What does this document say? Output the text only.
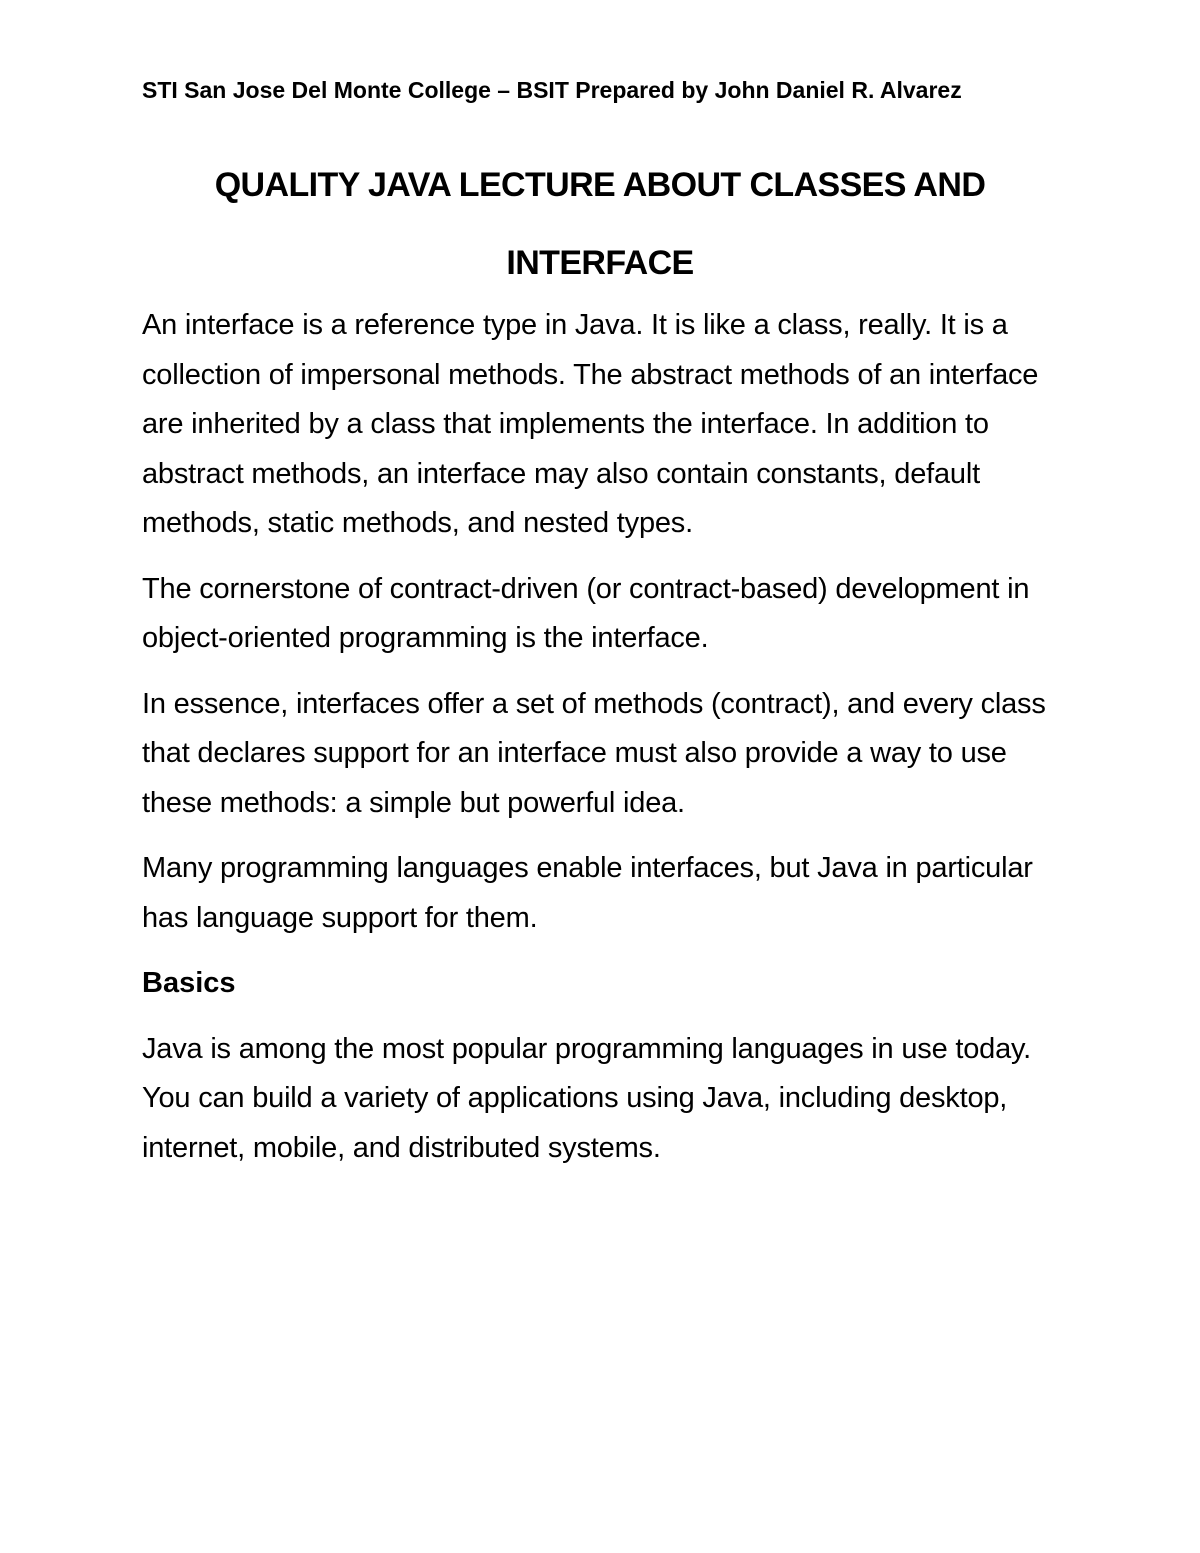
STI San Jose Del Monte College – BSIT Prepared by John Daniel R. Alvarez
QUALITY JAVA LECTURE ABOUT CLASSES AND
INTERFACE

An interface is a reference type in Java. It is like a class, really. It is a collection of impersonal methods. The abstract methods of an interface are inherited by a class that implements the interface. In addition to abstract methods, an interface may also contain constants, default methods, static methods, and nested types.

The cornerstone of contract-driven (or contract-based) development in object-oriented programming is the interface.

In essence, interfaces offer a set of methods (contract), and every class that declares support for an interface must also provide a way to use these methods: a simple but powerful idea.

Many programming languages enable interfaces, but Java in particular has language support for them.

Basics

Java is among the most popular programming languages in use today. You can build a variety of applications using Java, including desktop, internet, mobile, and distributed systems.
